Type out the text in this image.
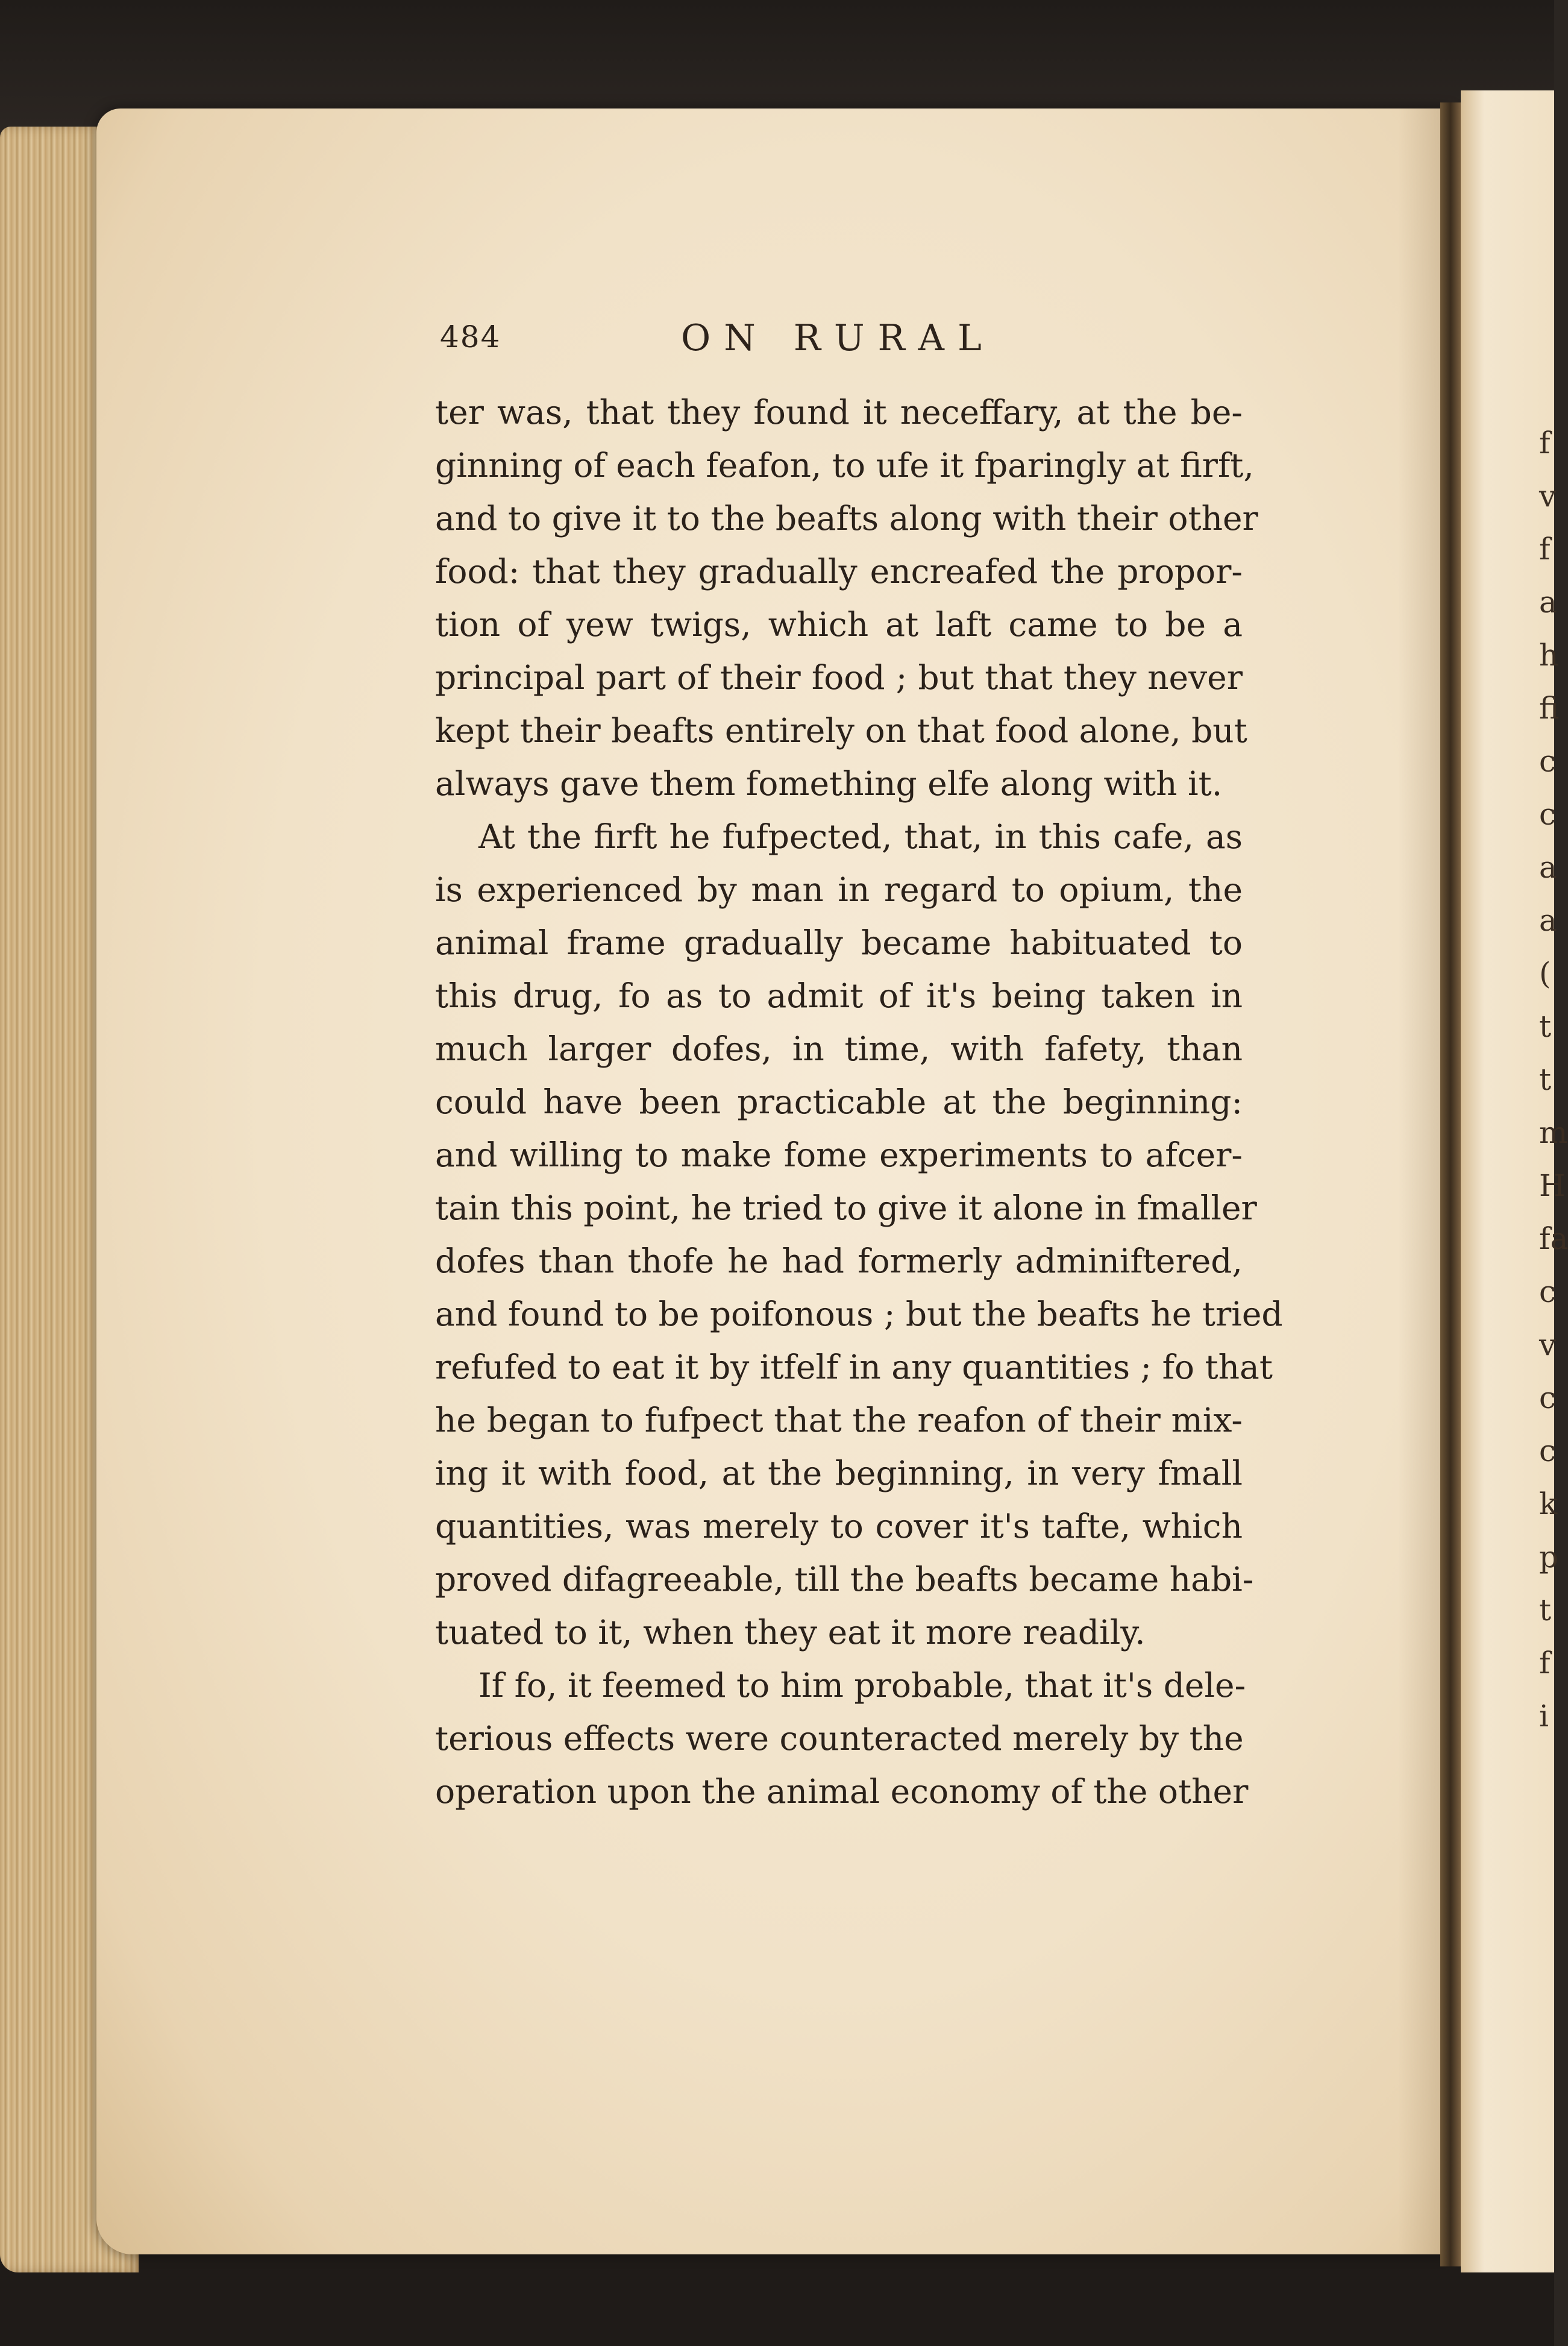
f
v
f
a
h
fi
c
c
a
a
(
t
t
m
H
fa
c
v
c
c
k
p
t
f
i
484	ON RURAL
ter was, that they found it neceffary, at the be-
ginning of each feafon, to ufe it fparingly at firft,
and to give it to the beafts along with their other
food: that they gradually encreafed the propor-
tion of yew twigs, which at laft came to be a
principal part of their food ; but that they never
kept their beafts entirely on that food alone, but
always gave them fomething elfe along with it.
At the firft he fufpected, that, in this cafe, as
is experienced by man in regard to opium, the
animal frame gradually became habituated to
this drug, fo as to admit of it's being taken in
much larger dofes, in time, with fafety, than
could have been practicable at the beginning:
and willing to make fome experiments to afcer-
tain this point, he tried to give it alone in fmaller
dofes than thofe he had formerly adminiftered,
and found to be poifonous ; but the beafts he tried
refufed to eat it by itfelf in any quantities ; fo that
he began to fufpect that the reafon of their mix-
ing it with food, at the beginning, in very fmall
quantities, was merely to cover it's tafte, which
proved difagreeable, till the beafts became habi-
tuated to it, when they eat it more readily.
If fo, it feemed to him probable, that it's dele-
terious effects were counteracted merely by the
operation upon the animal economy of the other
